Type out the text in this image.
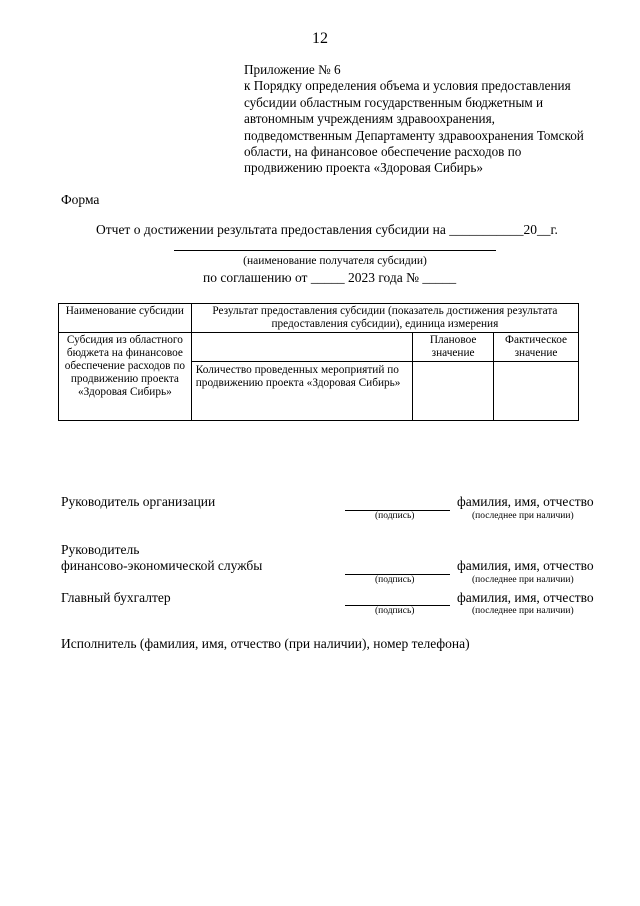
12
Приложение № 6
к Порядку определения объема и условия предоставления
субсидии областным государственным бюджетным и
автономным учреждениям здравоохранения,
подведомственным Департаменту здравоохранения Томской
области, на финансовое обеспечение расходов по
продвижению проекта «Здоровая Сибирь»
Форма
Отчет о достижении результата предоставления субсидии на ___________20__г.
(наименование получателя субсидии)
по соглашению от _____ 2023 года № _____
Наименование субсидии	Результат предоставления субсидии (показатель достижения результата предоставления субсидии), единица измерения		
Субсидия из областного бюджета на финансовое обеспечение расходов по продвижению проекта «Здоровая Сибирь»		Плановое значение	Фактическое значение
	Количество проведенных мероприятий по продвижению проекта «Здоровая Сибирь»		
Руководитель организации
(подпись)
фамилия, имя, отчество
(последнее при наличии)
Руководитель
финансово-экономической службы
(подпись)
фамилия, имя, отчество
(последнее при наличии)
Главный бухгалтер
(подпись)
фамилия, имя, отчество
(последнее при наличии)
Исполнитель (фамилия, имя, отчество (при наличии), номер телефона)
